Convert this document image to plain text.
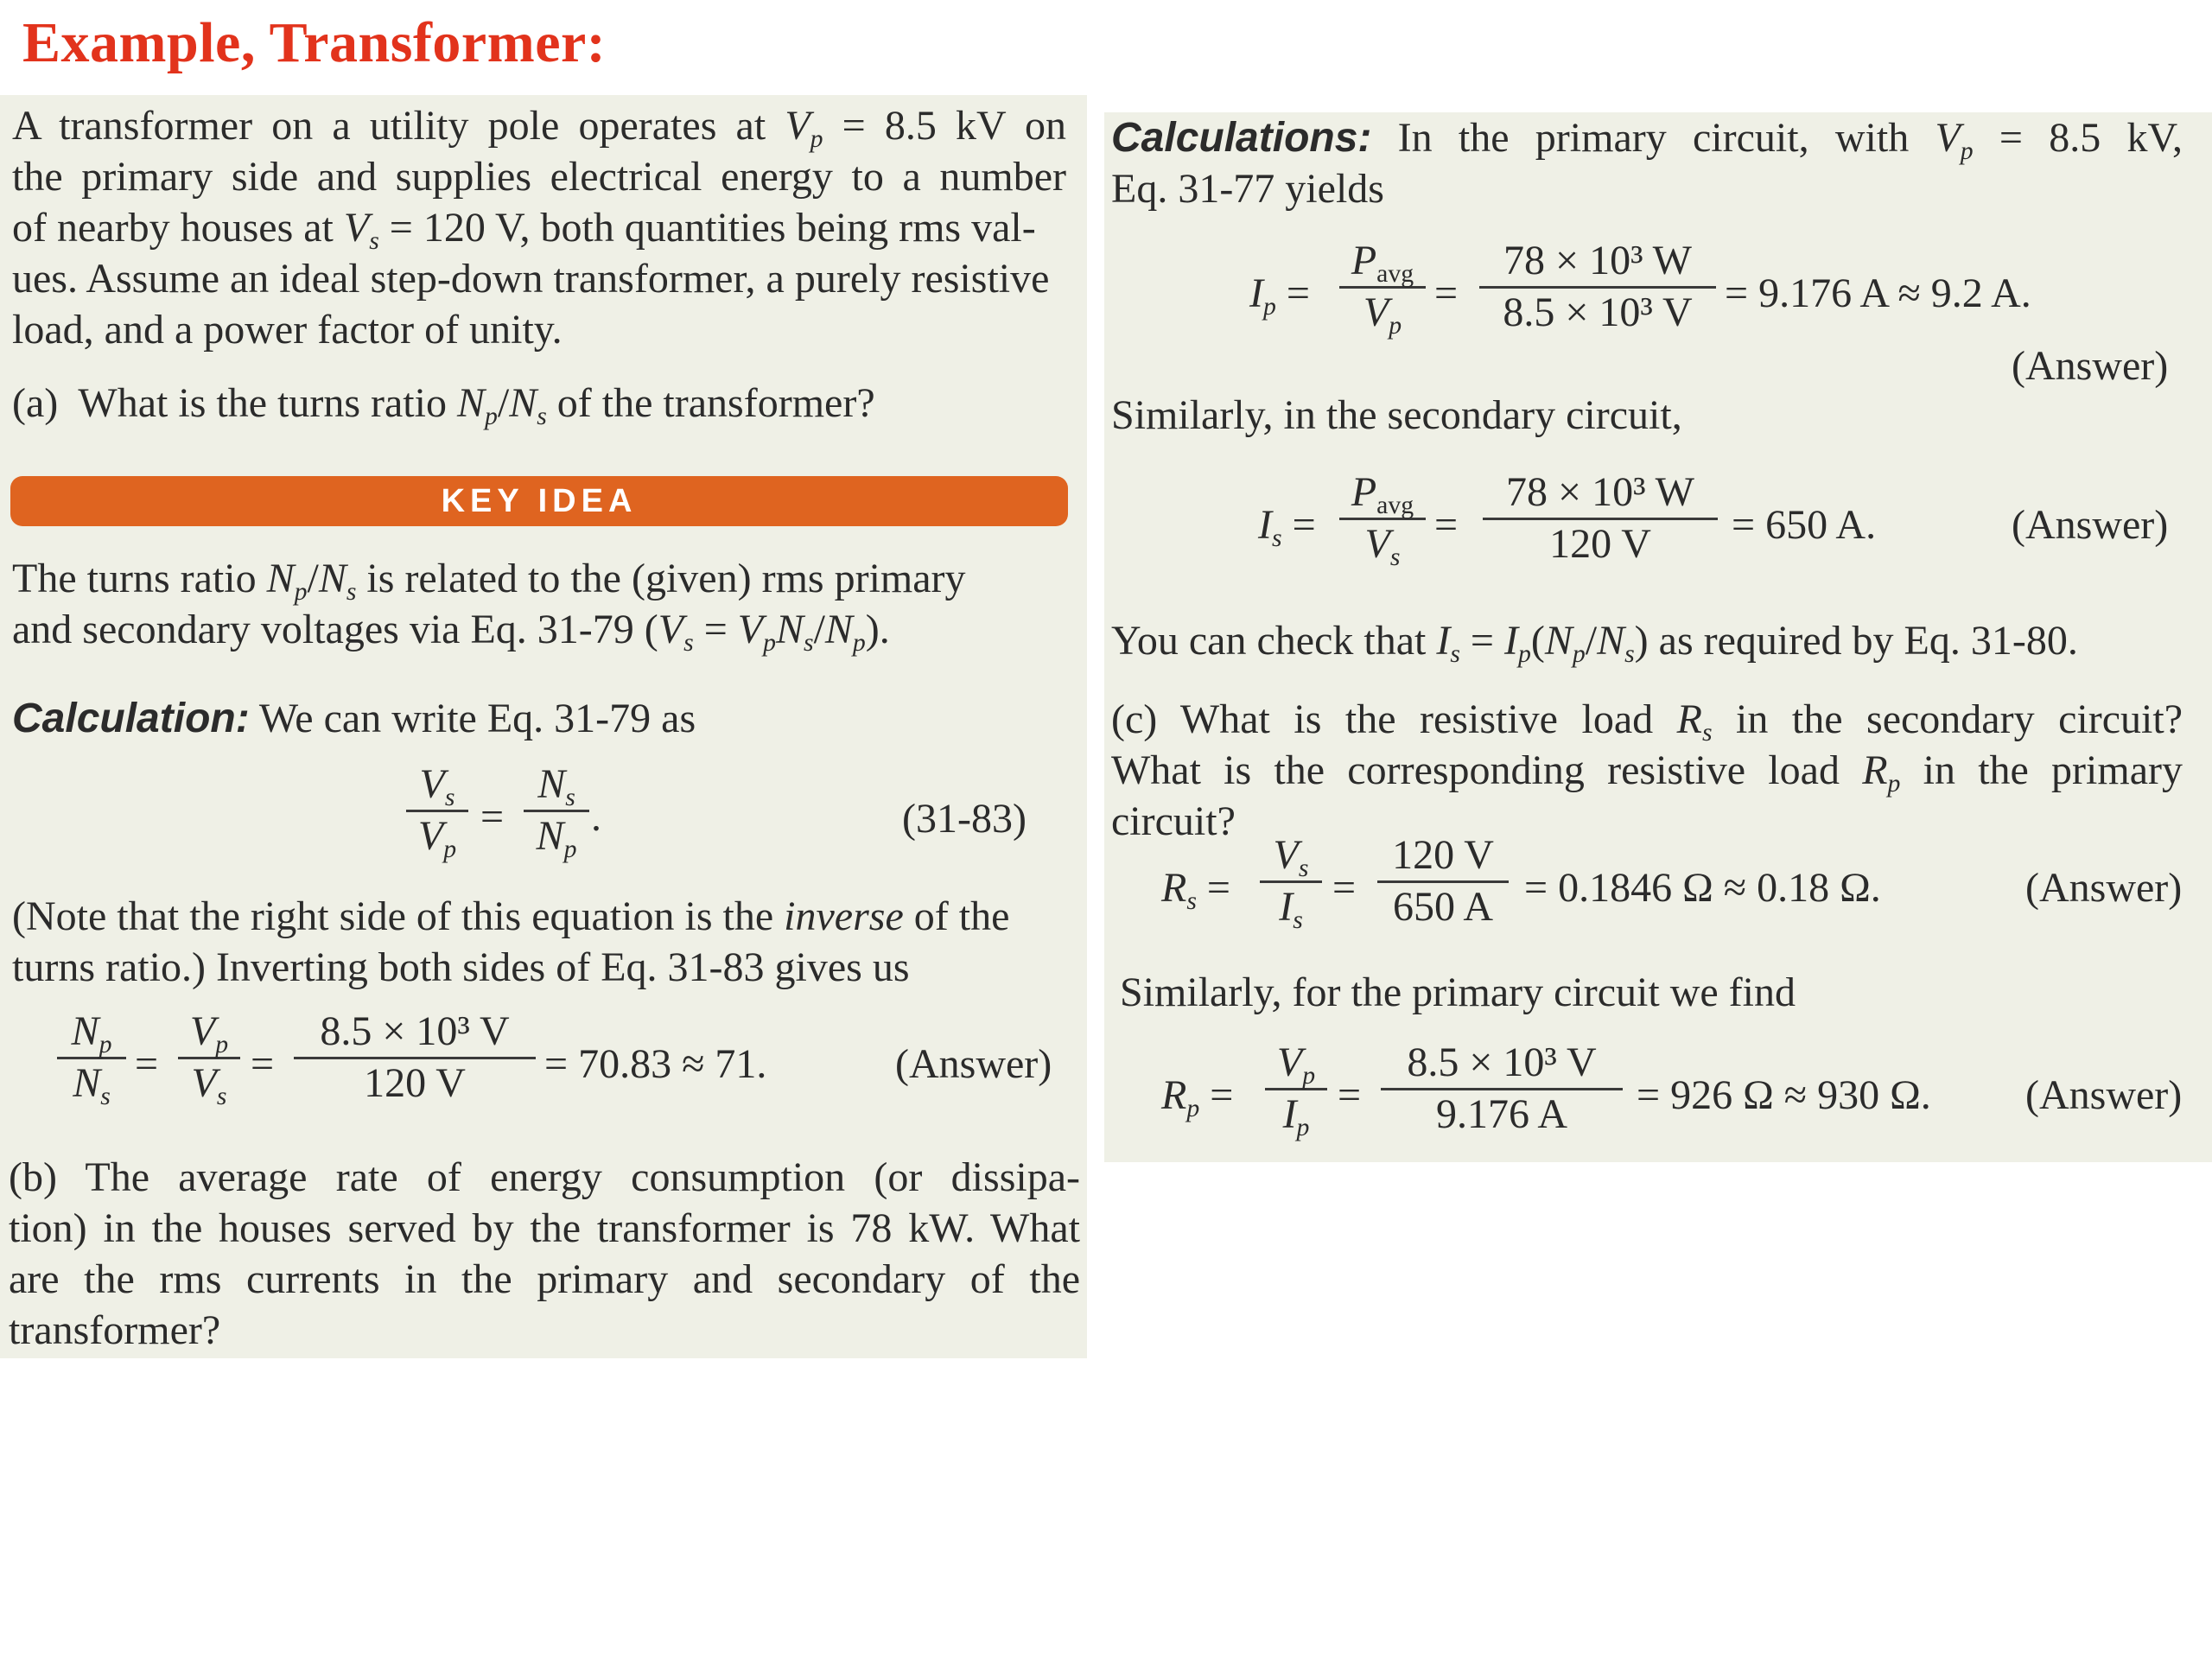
Example, Transformer:
A transformer on a utility pole operates at $V_p = 8.5$ kV on
the primary side and supplies electrical energy to a number
of nearby houses at $V_s = 120$ V, both quantities being rms val-
ues. Assume an ideal step-down transformer, a purely resistive
load, and a power factor of unity.
(a)  What is the turns ratio $N_p/N_s$ of the transformer?
KEY IDEA
The turns ratio $N_p/N_s$ is related to the (given) rms primary
and secondary voltages via Eq. 31-79 $(V_s = V_pN_s/N_p)$.
Calculation: We can write Eq. 31-79 as
$V_s$
$V_p$
=
$N_s$
$N_p$
.	(31-83)
(Note that the right side of this equation is the inverse of the
turns ratio.) Inverting both sides of Eq. 31-83 gives us
$N_p$
$N_s$
=
$V_p$
$V_s$
=
8.5 × 10³ V
120 V	= 70.83 ≈ 71.	(Answer)
(b) The average rate of energy consumption (or dissipa-
tion) in the houses served by the transformer is 78 kW. What
are the rms currents in the primary and secondary of the
transformer?
Calculations: In the primary circuit, with $V_p = 8.5$ kV,
Eq. 31-77 yields
$I_p$ =
$P_{avg}$
$V_p$
=
78 × 10³ W
8.5 × 10³ V = 9.176 A ≈ 9.2 A.
(Answer)
Similarly, in the secondary circuit,
$I_s$ =
$P_{avg}$
$V_s$
=
78 × 10³ W
120 V	= 650 A.	(Answer)
You can check that $I_s = I_p(N_p/N_s)$ as required by Eq. 31-80.
(c) What is the resistive load $R_s$ in the secondary circuit?
What is the corresponding resistive load $R_p$ in the primary
circuit?
$R_s$ =
$V_s$
$I_s$
=
120 V
650 A = 0.1846 Ω ≈ 0.18 Ω.	(Answer)
Similarly, for the primary circuit we find
$R_p$ =
$V_p$
$I_p$
=
8.5 × 10³ V
9.176 A	= 926 Ω ≈ 930 Ω. (Answer)
